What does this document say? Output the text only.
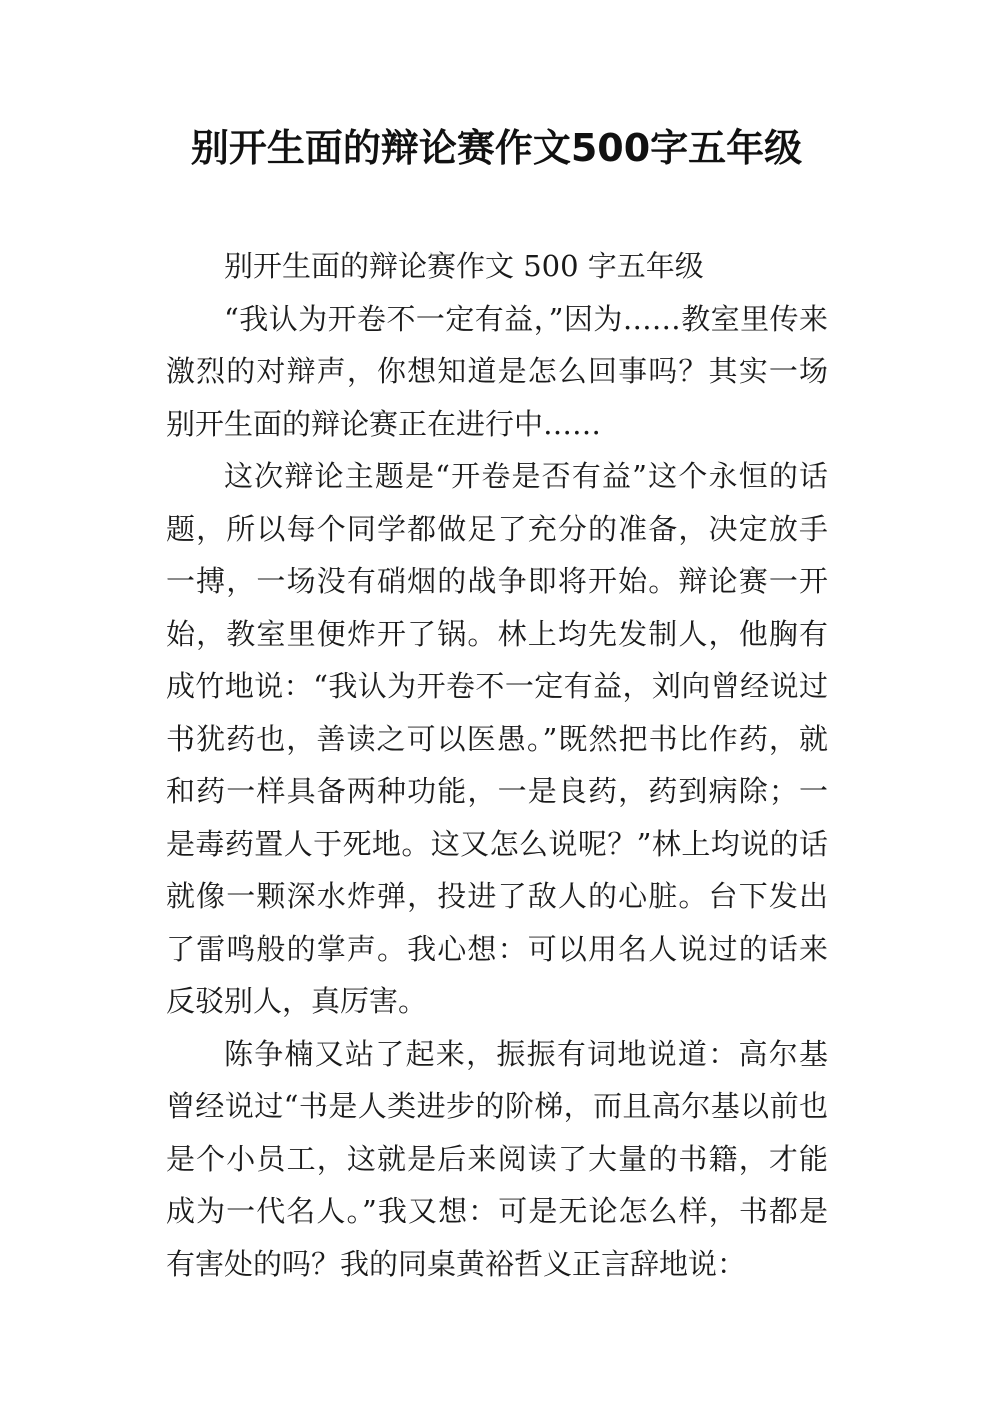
别开生面的辩论赛作文500字五年级

别开生面的辩论赛作文 500 字五年级

“我认为开卷不一定有益，”因为……教室里传来激烈的对辩声，你想知道是怎么回事吗？其实一场别开生面的辩论赛正在进行中……

这次辩论主题是“开卷是否有益”这个永恒的话题，所以每个同学都做足了充分的准备，决定放手一搏，一场没有硝烟的战争即将开始。辩论赛一开始，教室里便炸开了锅。林上均先发制人，他胸有成竹地说：“我认为开卷不一定有益，刘向曾经说过书犹药也，善读之可以医愚。”既然把书比作药，就和药一样具备两种功能，一是良药，药到病除；一是毒药置人于死地。这又怎么说呢？”林上均说的话就像一颗深水炸弹，投进了敌人的心脏。台下发出了雷鸣般的掌声。我心想：可以用名人说过的话来反驳别人，真厉害。

陈争楠又站了起来，振振有词地说道：高尔基曾经说过“书是人类进步的阶梯，而且高尔基以前也是个小员工，这就是后来阅读了大量的书籍，才能成为一代名人。”我又想：可是无论怎么样，书都是有害处的吗？我的同桌黄裕哲义正言辞地说：
